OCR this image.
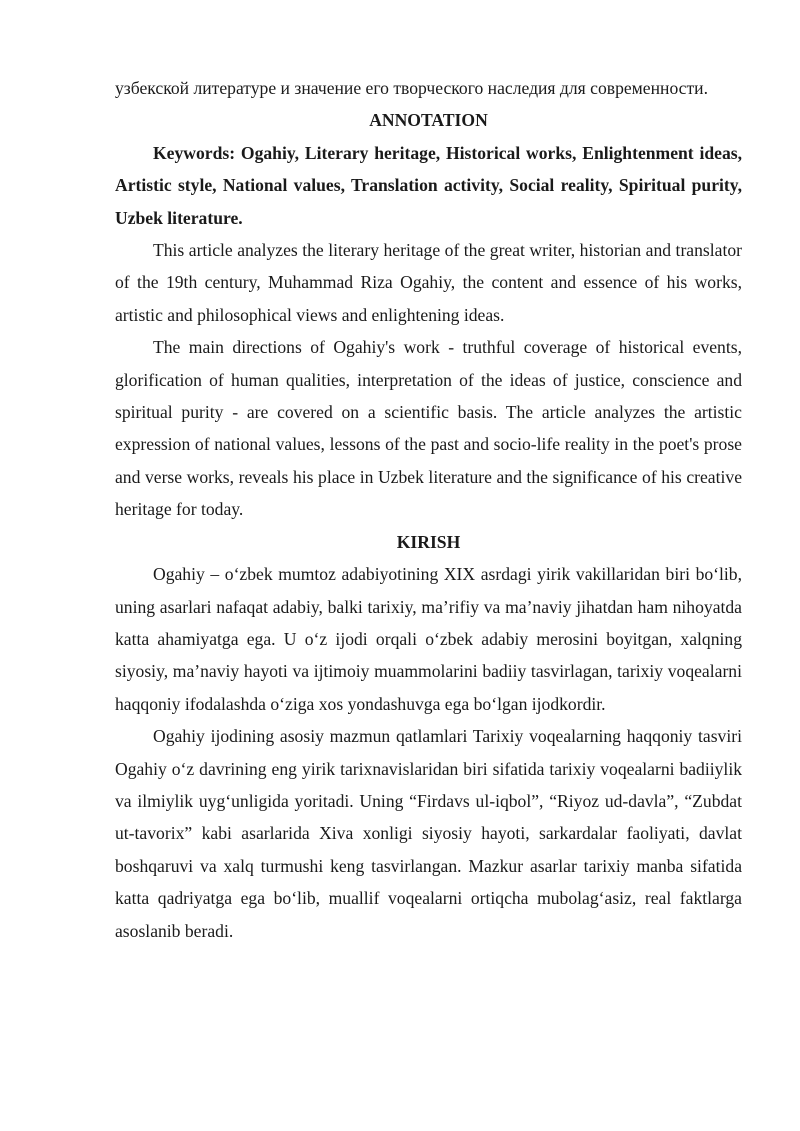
узбекской литературе и значение его творческого наследия для современности.

ANNOTATION

Keywords: Ogahiy, Literary heritage, Historical works, Enlightenment ideas, Artistic style, National values, Translation activity, Social reality, Spiritual purity, Uzbek literature.

This article analyzes the literary heritage of the great writer, historian and translator of the 19th century, Muhammad Riza Ogahiy, the content and essence of his works, artistic and philosophical views and enlightening ideas.

The main directions of Ogahiy's work - truthful coverage of historical events, glorification of human qualities, interpretation of the ideas of justice, conscience and spiritual purity - are covered on a scientific basis. The article analyzes the artistic expression of national values, lessons of the past and socio-life reality in the poet's prose and verse works, reveals his place in Uzbek literature and the significance of his creative heritage for today.

KIRISH

Ogahiy – oʻzbek mumtoz adabiyotining XIX asrdagi yirik vakillaridan biri boʻlib, uning asarlari nafaqat adabiy, balki tarixiy, maʼrifiy va maʼnaviy jihatdan ham nihoyatda katta ahamiyatga ega. U oʻz ijodi orqali oʻzbek adabiy merosini boyitgan, xalqning siyosiy, maʼnaviy hayoti va ijtimoiy muammolarini badiiy tasvirlagan, tarixiy voqealarni haqqoniy ifodalashda oʻziga xos yondashuvga ega boʻlgan ijodkordir.

Ogahiy ijodining asosiy mazmun qatlamlari Tarixiy voqealarning haqqoniy tasviri Ogahiy oʻz davrining eng yirik tarixnavislaridan biri sifatida tarixiy voqealarni badiiylik va ilmiylik uygʻunligida yoritadi. Uning “Firdavs ul-iqbol”, “Riyoz ud-davla”, “Zubdat ut-tavorix” kabi asarlarida Xiva xonligi siyosiy hayoti, sarkardalar faoliyati, davlat boshqaruvi va xalq turmushi keng tasvirlangan. Mazkur asarlar tarixiy manba sifatida katta qadriyatga ega boʻlib, muallif voqealarni ortiqcha mubolagʻasiz, real faktlarga asoslanib beradi.
